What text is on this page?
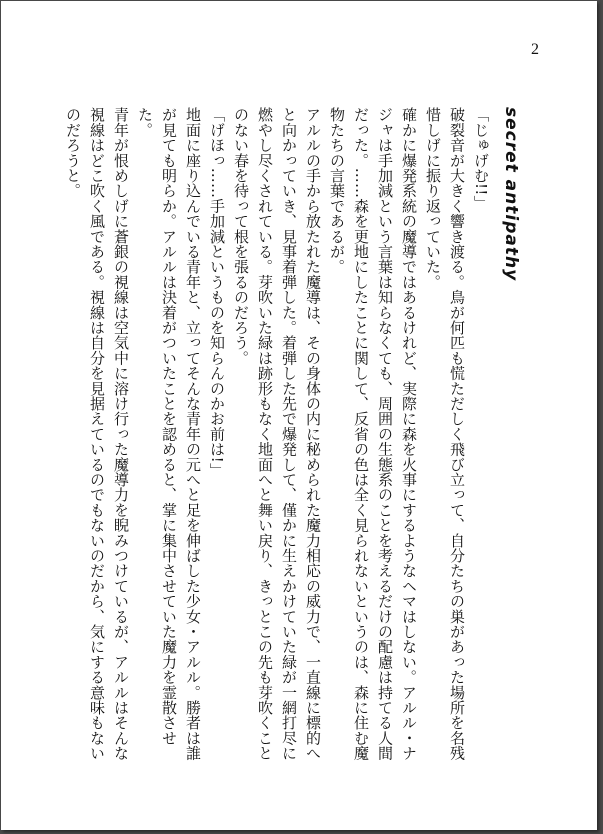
2

secret antipathy

「じゅげむ!!」

破裂音が大きく響き渡る。鳥が何匹も慌ただしく飛び立って、自分たちの巣があった場所を名残惜しげに振り返っていた。

確かに爆発系統の魔導ではあるけれど、実際に森を火事にするようなヘマはしない。アルル・ナジャは手加減という言葉は知らなくても、周囲の生態系のことを考えるだけの配慮は持てる人間だった。……森を更地にしたことに関して、反省の色は全く見られないというのは、森に住む魔物たちの言葉であるが。

アルルの手から放たれた魔導は、その身体の内に秘められた魔力相応の威力で、一直線に標的へと向かっていき、見事着弾した。着弾した先で爆発して、僅かに生えかけていた緑が一網打尽に燃やし尽くされている。芽吹いた緑は跡形もなく地面へと舞い戻り、きっとこの先も芽吹くことのない春を待って根を張るのだろう。

「げほっ……手加減というものを知らんのかお前は!」

地面に座り込んでいる青年と、立ってそんな青年の元へと足を伸ばした少女・アルル。勝者は誰が見ても明らか。アルルは決着がついたことを認めると、掌に集中させていた魔力を霊散させた。

青年が恨めしげに蒼銀の視線は空気中に溶け行った魔導力を睨みつけているが、アルルはそんな視線はどこ吹く風である。視線は自分を見据えているのでもないのだから、気にする意味もないのだろうと。
